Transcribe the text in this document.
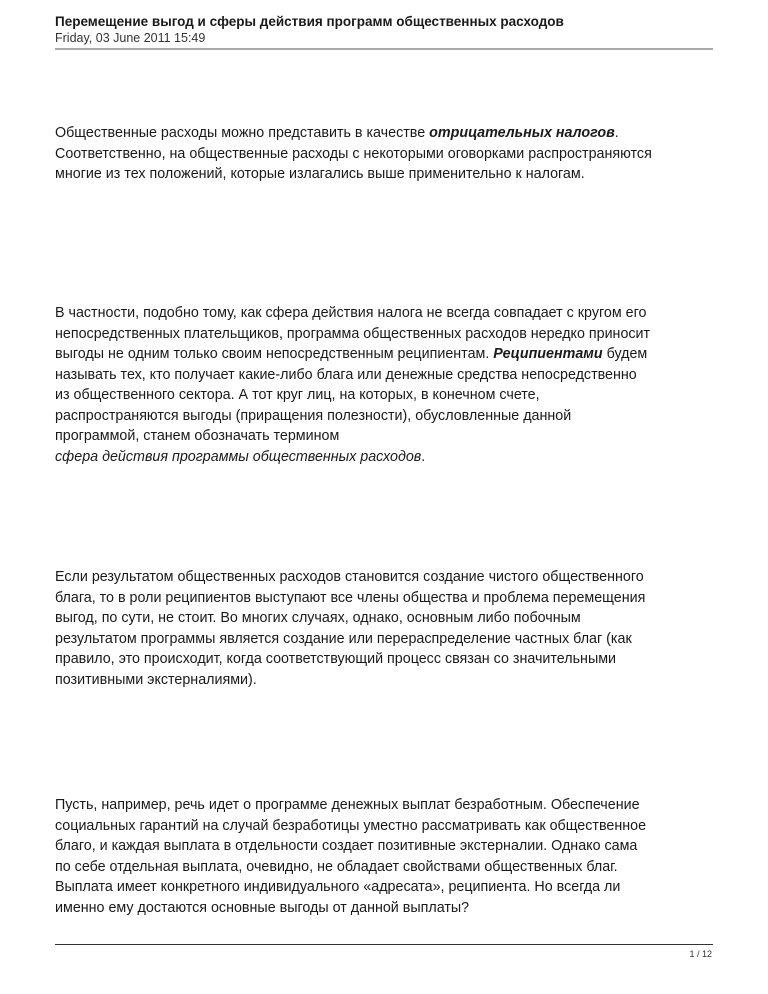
Перемещение выгод и сферы действия программ общественных расходов
Friday, 03 June 2011 15:49
Общественные расходы можно представить в качестве отрицательных налогов.
Соответственно, на общественные расходы с некоторыми оговорками распространяются
многие из тех положений, которые излагались выше применительно к налогам.
В частности, подобно тому, как сфера действия налога не всегда совпадает с кругом его
непосредственных плательщиков, программа общественных расходов нередко приносит
выгоды не одним только своим непосредственным реципиентам. Реципиентами будем
называть тех, кто получает какие-либо блага или денежные средства непосредственно
из общественного сектора. А тот круг лиц, на которых, в конечном счете,
распространяются выгоды (приращения полезности), обусловленные данной
программой, станем обозначать термином
сфера действия программы общественных расходов.
Если результатом общественных расходов становится создание чистого общественного
блага, то в роли реципиентов выступают все члены общества и проблема перемещения
выгод, по сути, не стоит. Во многих случаях, однако, основным либо побочным
результатом программы является создание или перераспределение частных благ (как
правило, это происходит, когда соответствующий процесс связан со значительными
позитивными экстерналиями).
Пусть, например, речь идет о программе денежных выплат безработным. Обеспечение
социальных гарантий на случай безработицы уместно рассматривать как общественное
благо, и каждая выплата в отдельности создает позитивные экстерналии. Однако сама
по себе отдельная выплата, очевидно, не обладает свойствами общественных благ.
Выплата имеет конкретного индивидуального «адресата», реципиента. Но всегда ли
именно ему достаются основные выгоды от данной выплаты?
1 / 12
